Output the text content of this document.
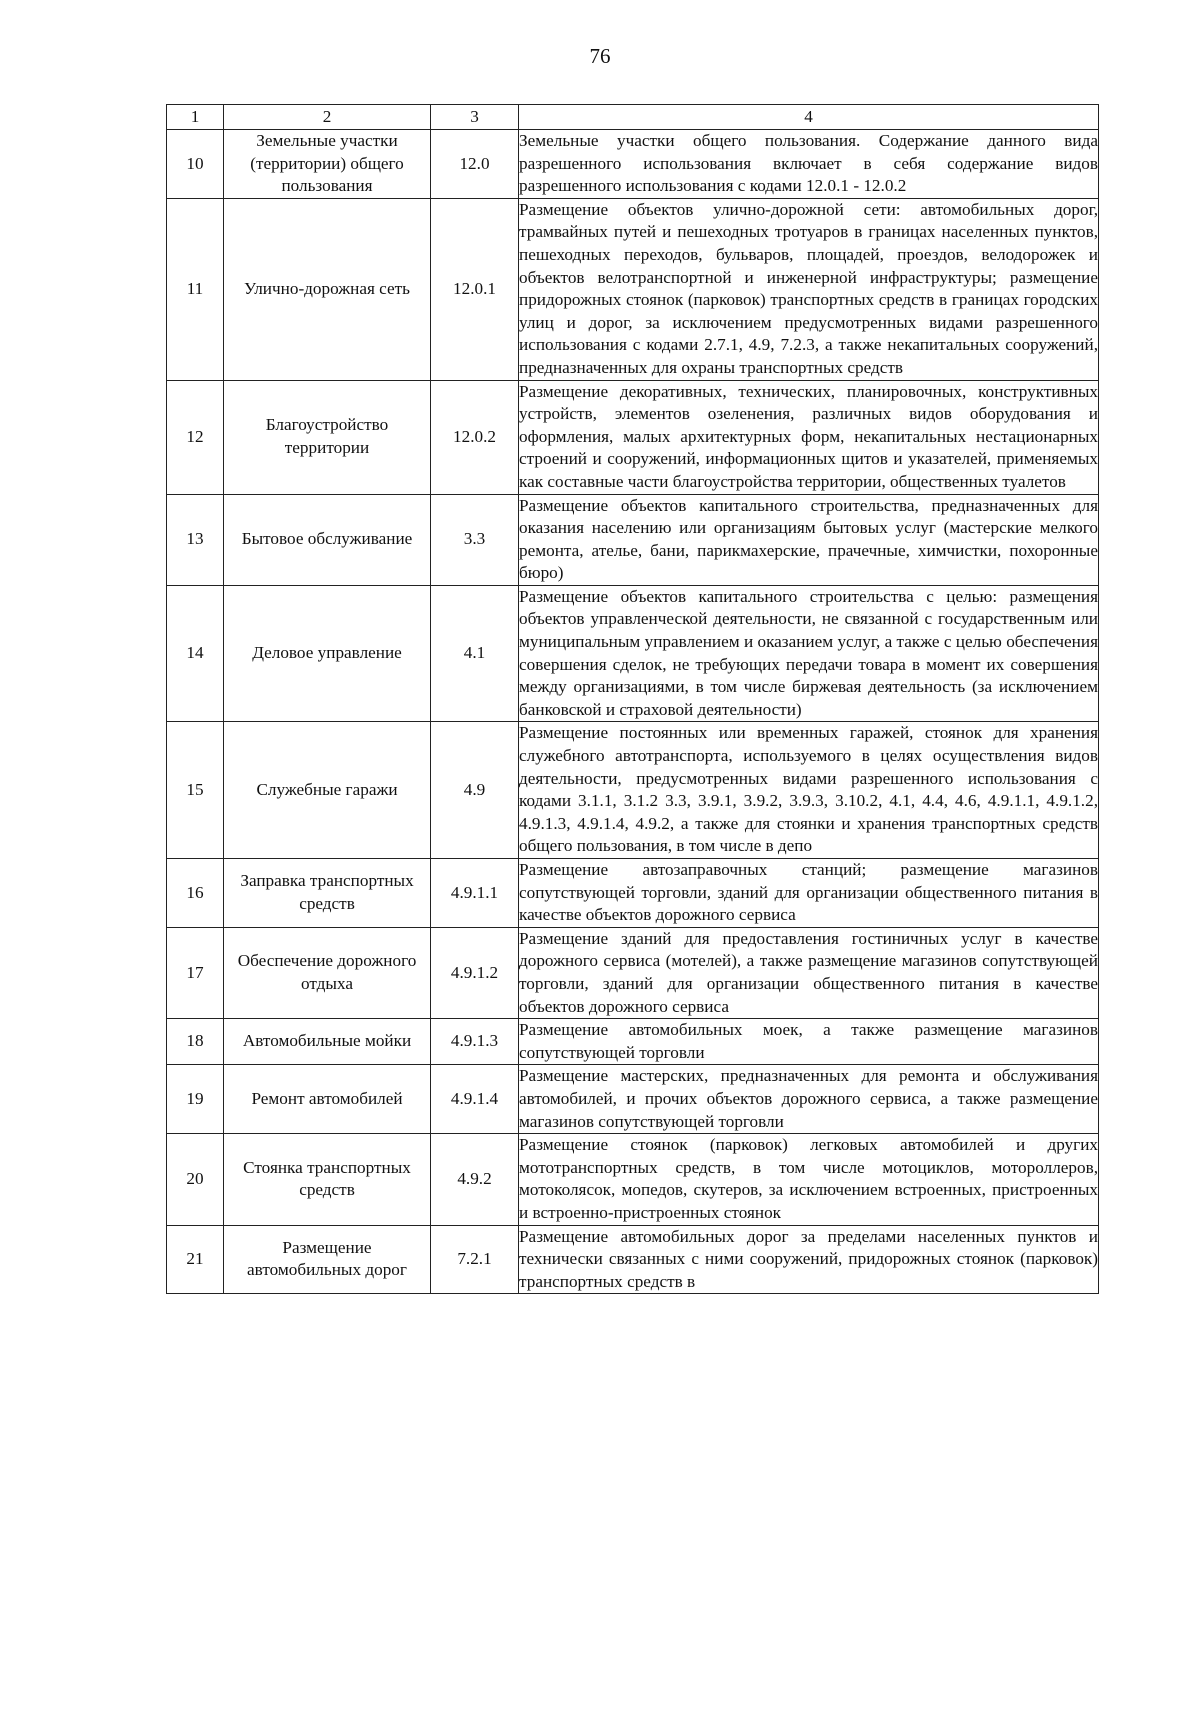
76
1	2	3	4
10	Земельные участки (территории) общего пользования	12.0	Земельные участки общего пользования. Содержание данного вида разрешенного использования включает в себя содержание видов разрешенного использования с кодами 12.0.1 - 12.0.2
11	Улично-дорожная сеть	12.0.1	Размещение объектов улично-дорожной сети: автомобильных дорог, трамвайных путей и пешеходных тротуаров в границах населенных пунктов, пешеходных переходов, бульваров, площадей, проездов, велодорожек и объектов велотранспортной и инженерной инфраструктуры; размещение придорожных стоянок (парковок) транспортных средств в границах городских улиц и дорог, за исключением предусмотренных видами разрешенного использования с кодами 2.7.1, 4.9, 7.2.3, а также некапитальных сооружений, предназначенных для охраны транспортных средств
12	Благоустройство территории	12.0.2	Размещение декоративных, технических, планировочных, конструктивных устройств, элементов озеленения, различных видов оборудования и оформления, малых архитектурных форм, некапитальных нестационарных строений и сооружений, информационных щитов и указателей, применяемых как составные части благоустройства территории, общественных туалетов
13	Бытовое обслуживание	3.3	Размещение объектов капитального строительства, предназначенных для оказания населению или организациям бытовых услуг (мастерские мелкого ремонта, ателье, бани, парикмахерские, прачечные, химчистки, похоронные бюро)
14	Деловое управление	4.1	Размещение объектов капитального строительства с целью: размещения объектов управленческой деятельности, не связанной с государственным или муниципальным управлением и оказанием услуг, а также с целью обеспечения совершения сделок, не требующих передачи товара в момент их совершения между организациями, в том числе биржевая деятельность (за исключением банковской и страховой деятельности)
15	Служебные гаражи	4.9	Размещение постоянных или временных гаражей, стоянок для хранения служебного автотранспорта, используемого в целях осуществления видов деятельности, предусмотренных видами разрешенного использования с кодами 3.1.1, 3.1.2 3.3, 3.9.1, 3.9.2, 3.9.3, 3.10.2, 4.1, 4.4, 4.6, 4.9.1.1, 4.9.1.2, 4.9.1.3, 4.9.1.4, 4.9.2, а также для стоянки и хранения транспортных средств общего пользования, в том числе в депо
16	Заправка транспортных средств	4.9.1.1	Размещение автозаправочных станций; размещение магазинов сопутствующей торговли, зданий для организации общественного питания в качестве объектов дорожного сервиса
17	Обеспечение дорожного отдыха	4.9.1.2	Размещение зданий для предоставления гостиничных услуг в качестве дорожного сервиса (мотелей), а также размещение магазинов сопутствующей торговли, зданий для организации общественного питания в качестве объектов дорожного сервиса
18	Автомобильные мойки	4.9.1.3	Размещение автомобильных моек, а также размещение магазинов сопутствующей торговли
19	Ремонт автомобилей	4.9.1.4	Размещение мастерских, предназначенных для ремонта и обслуживания автомобилей, и прочих объектов дорожного сервиса, а также размещение магазинов сопутствующей торговли
20	Стоянка транспортных средств	4.9.2	Размещение стоянок (парковок) легковых автомобилей и других мототранспортных средств, в том числе мотоциклов, мотороллеров, мотоколясок, мопедов, скутеров, за исключением встроенных, пристроенных и встроенно-пристроенных стоянок
21	Размещение автомобильных дорог	7.2.1	Размещение автомобильных дорог за пределами населенных пунктов и технически связанных с ними сооружений, придорожных стоянок (парковок) транспортных средств в
